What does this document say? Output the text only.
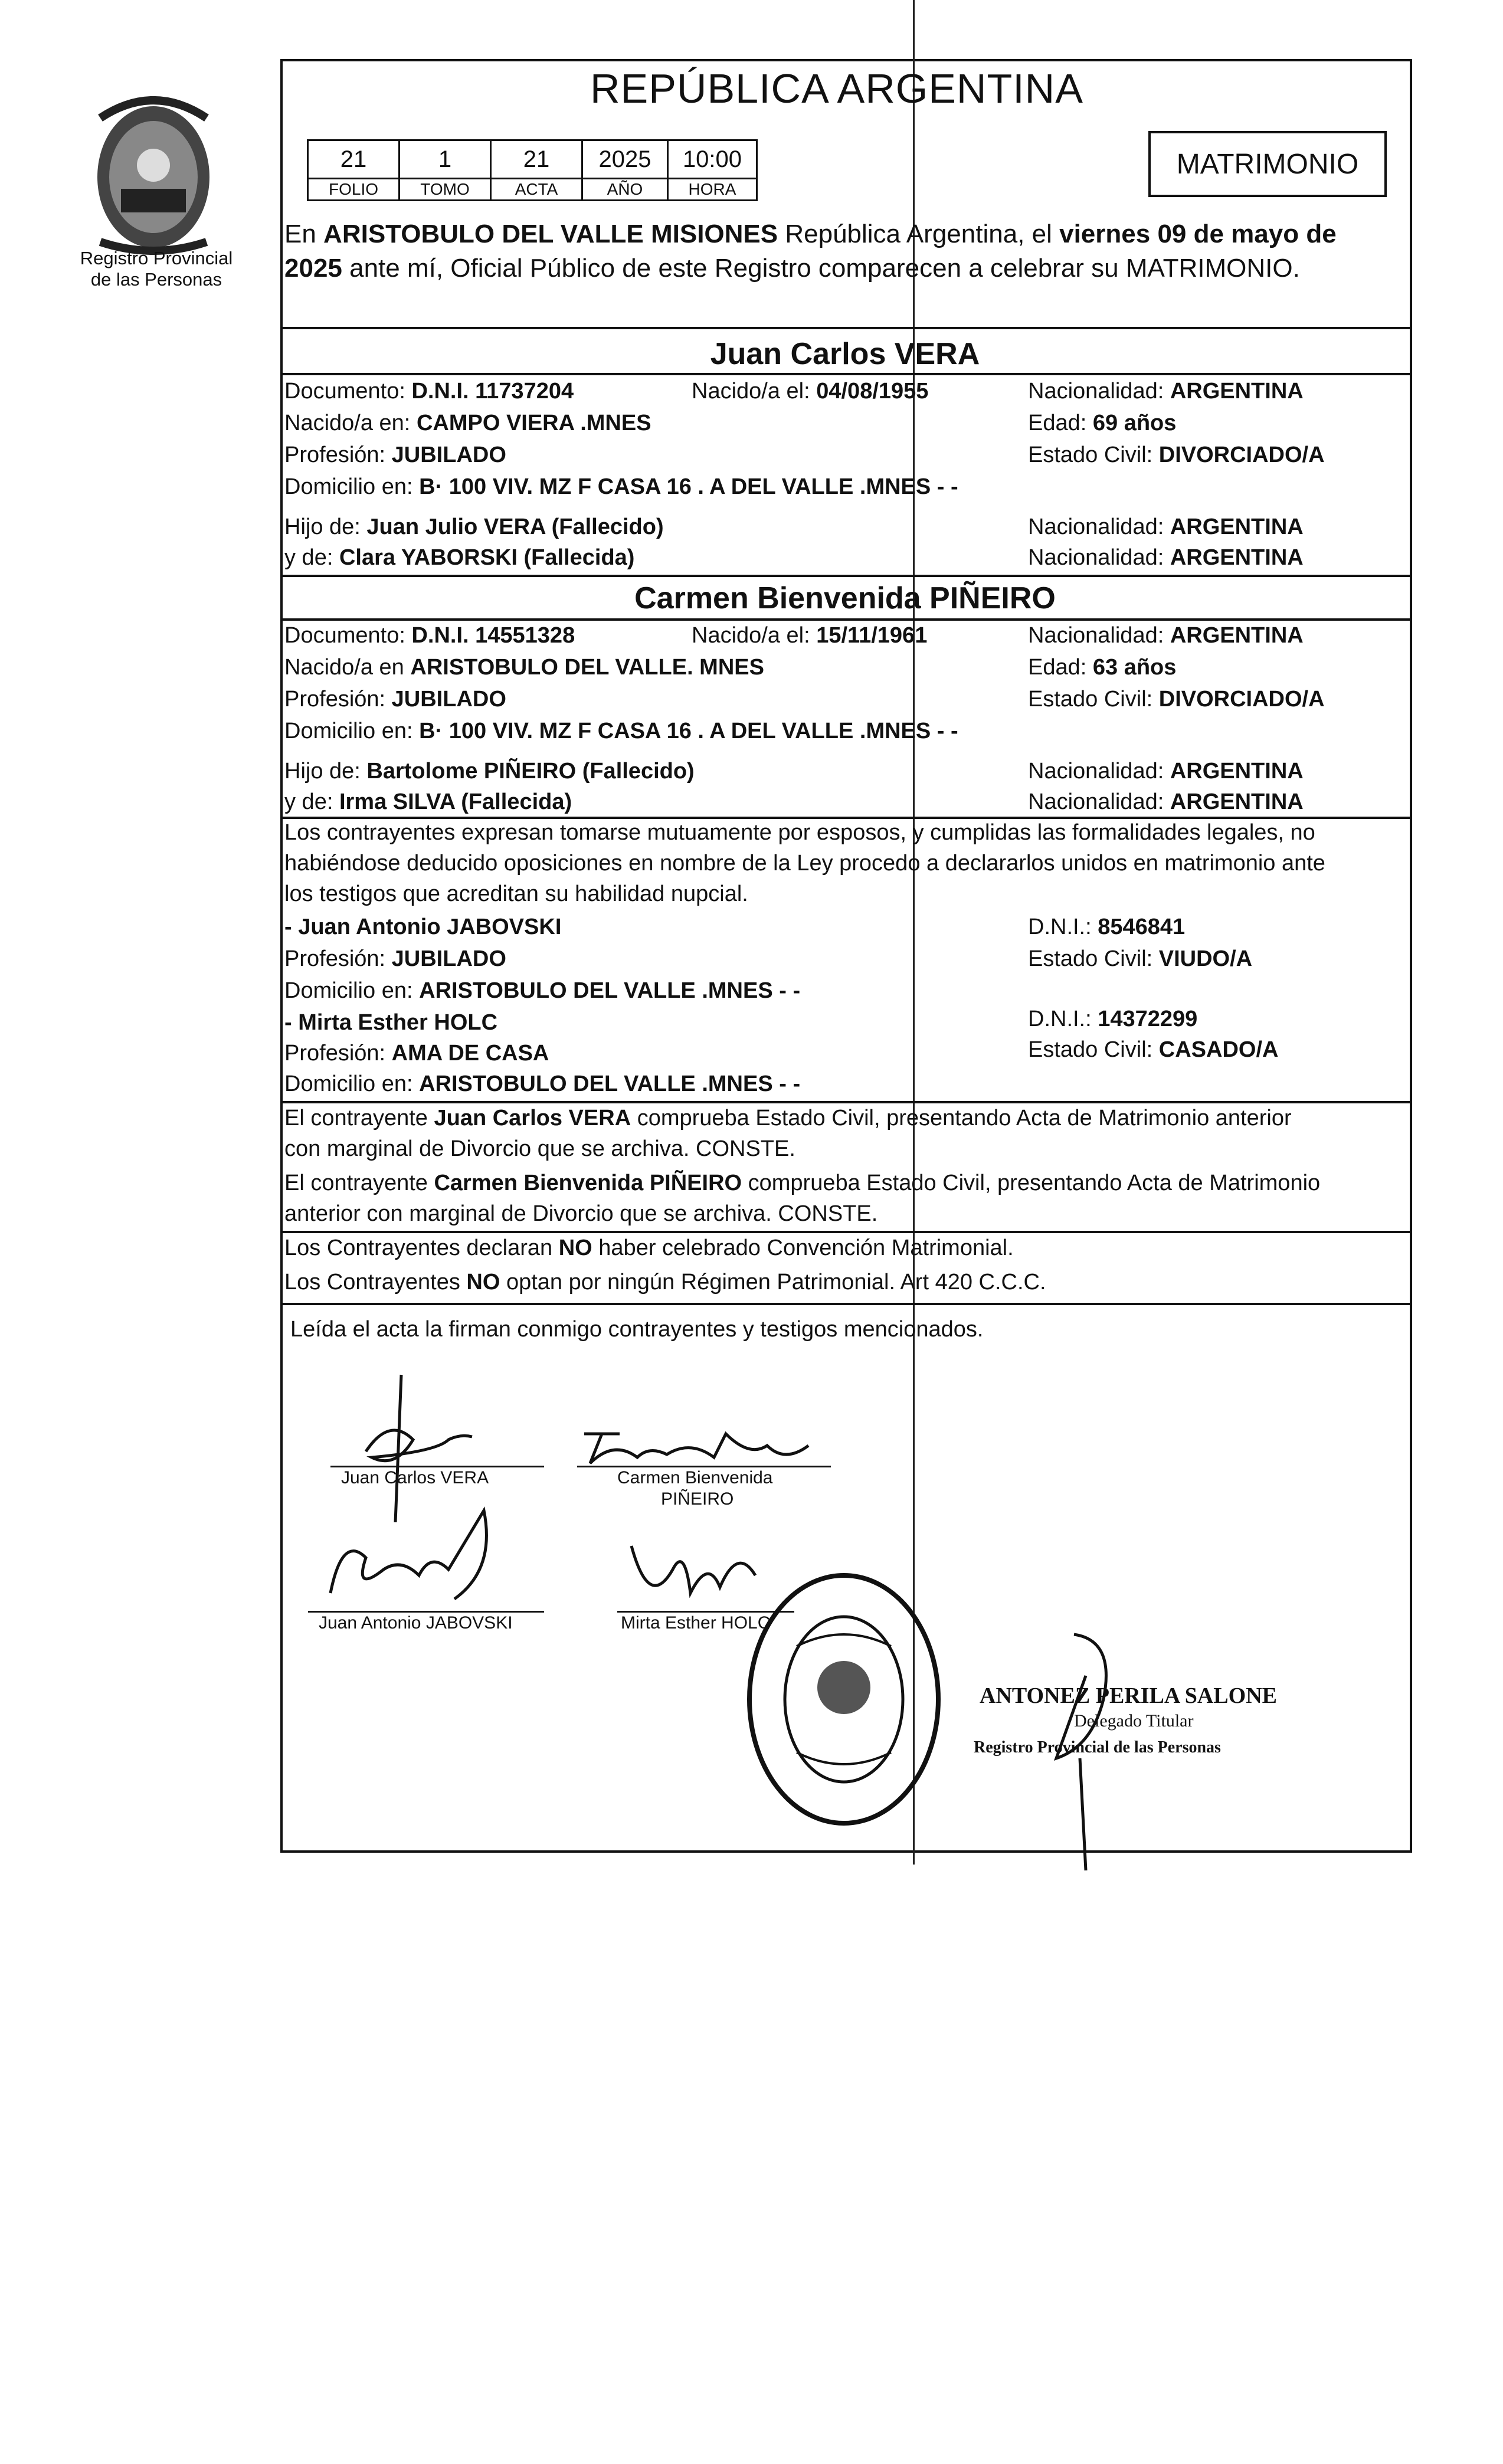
Registro Provincial
de las Personas
REPÚBLICA ARGENTINA
21	1	21	2025	10:00
FOLIO	TOMO	ACTA	AÑO	HORA
MATRIMONIO
En ARISTOBULO DEL VALLE MISIONES República Argentina, el viernes 09 de mayo de
2025 ante mí, Oficial Público de este Registro comparecen a celebrar su MATRIMONIO.
Juan Carlos VERA
Documento: D.N.I. 11737204	Nacido/a el: 04/08/1955	Nacionalidad: ARGENTINA
Nacido/a en: CAMPO VIERA .MNES	Edad: 69 años
Profesión: JUBILADO	Estado Civil: DIVORCIADO/A
Domicilio en: B· 100 VIV. MZ F CASA 16 . A DEL VALLE .MNES - -
Hijo de: Juan Julio VERA (Fallecido)	Nacionalidad: ARGENTINA
y de: Clara YABORSKI (Fallecida)	Nacionalidad: ARGENTINA
Carmen Bienvenida PIÑEIRO
Documento: D.N.I. 14551328	Nacido/a el: 15/11/1961	Nacionalidad: ARGENTINA
Nacido/a en ARISTOBULO DEL VALLE. MNES	Edad: 63 años
Profesión: JUBILADO	Estado Civil: DIVORCIADO/A
Domicilio en: B· 100 VIV. MZ F CASA 16 . A DEL VALLE .MNES - -
Hijo de: Bartolome PIÑEIRO (Fallecido)	Nacionalidad: ARGENTINA
y de: Irma SILVA (Fallecida)	Nacionalidad: ARGENTINA
Los contrayentes expresan tomarse mutuamente por esposos, y cumplidas las formalidades legales, no
habiéndose deducido oposiciones en nombre de la Ley procedo a declararlos unidos en matrimonio ante
los testigos que acreditan su habilidad nupcial.
- Juan Antonio JABOVSKI	D.N.I.: 8546841
Profesión: JUBILADO	Estado Civil: VIUDO/A
Domicilio en: ARISTOBULO DEL VALLE .MNES - -
- Mirta Esther HOLC	D.N.I.: 14372299
Profesión: AMA DE CASA	Estado Civil: CASADO/A
Domicilio en: ARISTOBULO DEL VALLE .MNES - -
El contrayente Juan Carlos VERA comprueba Estado Civil, presentando Acta de Matrimonio anterior
con marginal de Divorcio que se archiva. CONSTE.
El contrayente Carmen Bienvenida PIÑEIRO comprueba Estado Civil, presentando Acta de Matrimonio
anterior con marginal de Divorcio que se archiva. CONSTE.
Los Contrayentes declaran NO haber celebrado Convención Matrimonial.
Los Contrayentes NO optan por ningún Régimen Patrimonial. Art 420 C.C.C.
Leída el acta la firman conmigo contrayentes y testigos mencionados.
Juan Carlos VERA	Carmen Bienvenida
PIÑEIRO
Juan Antonio JABOVSKI	Mirta Esther HOLC
ANTONEZ PERILA SALONE
Delegado Titular
Registro Provincial de las Personas
